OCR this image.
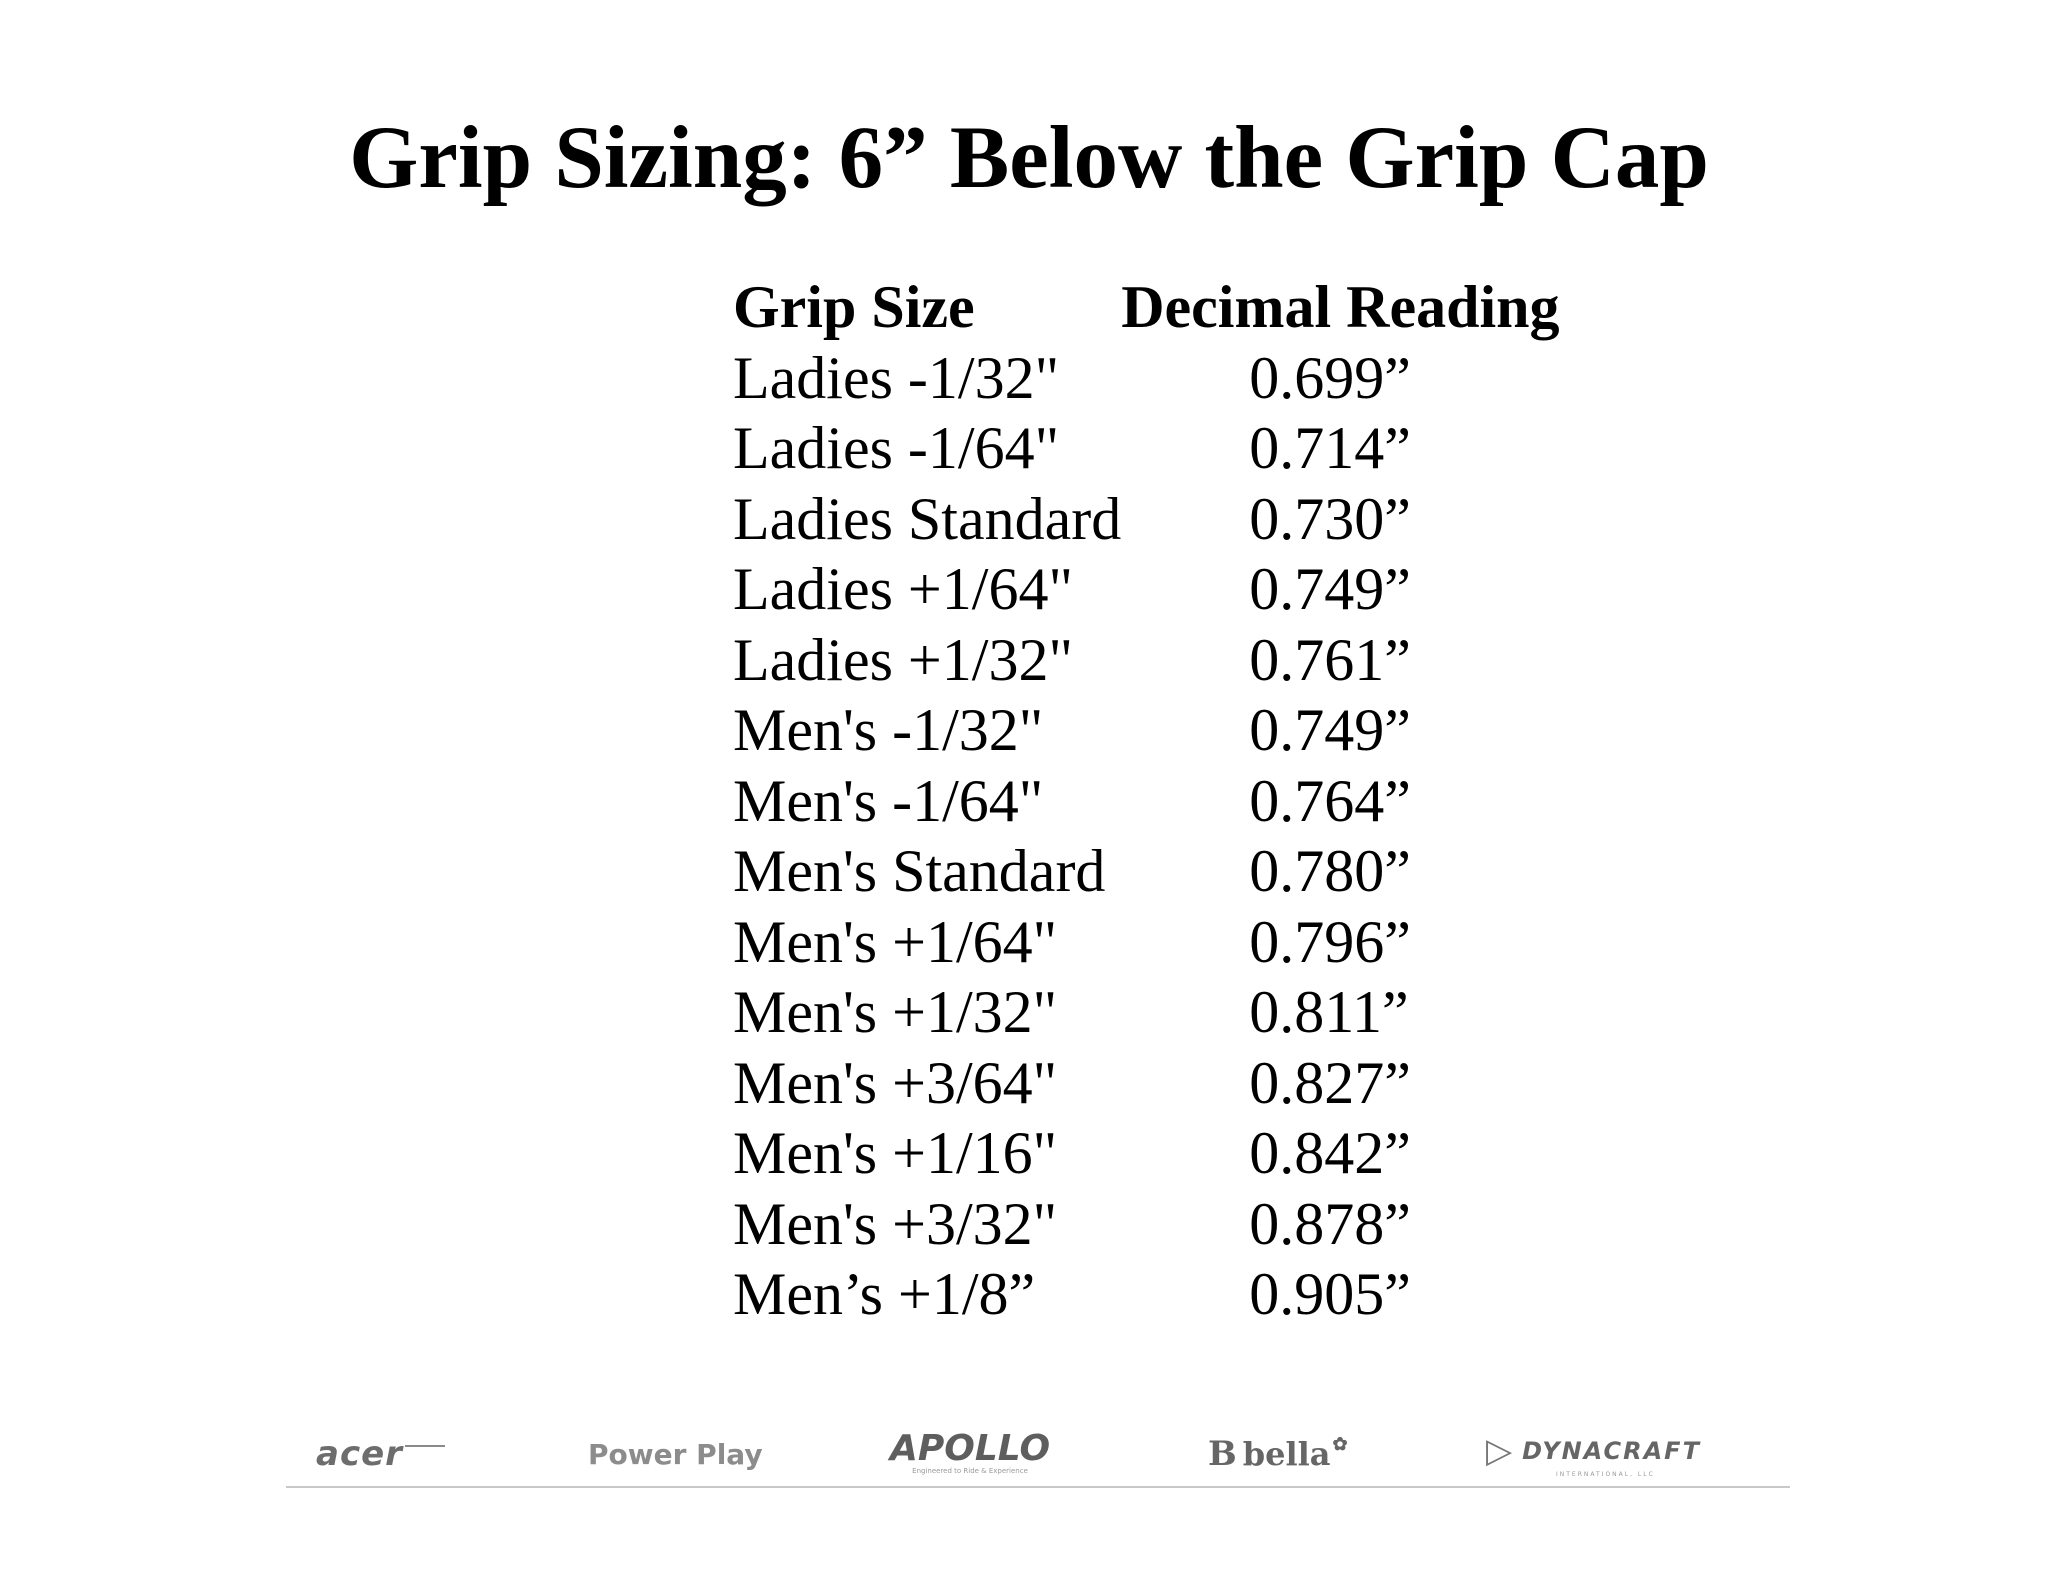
Grip Sizing: 6” Below the Grip Cap
Grip Size	Decimal Reading
Ladies -1/32"	0.699”
Ladies -1/64"	0.714”
Ladies Standard	0.730”
Ladies +1/64"	0.749”
Ladies +1/32"	0.761”
Men's -1/32"	0.749”
Men's -1/64"	0.764”
Men's Standard	0.780”
Men's +1/64"	0.796”
Men's +1/32"	0.811”
Men's +3/64"	0.827”
Men's +1/16"	0.842”
Men's +3/32"	0.878”
Men’s +1/8”	0.905”
acer	Power Play	APOLLO
Engineered to Ride & Experience	𝐁 bella ✿	▷ DYNACRAFT
INTERNATIONAL, LLC
